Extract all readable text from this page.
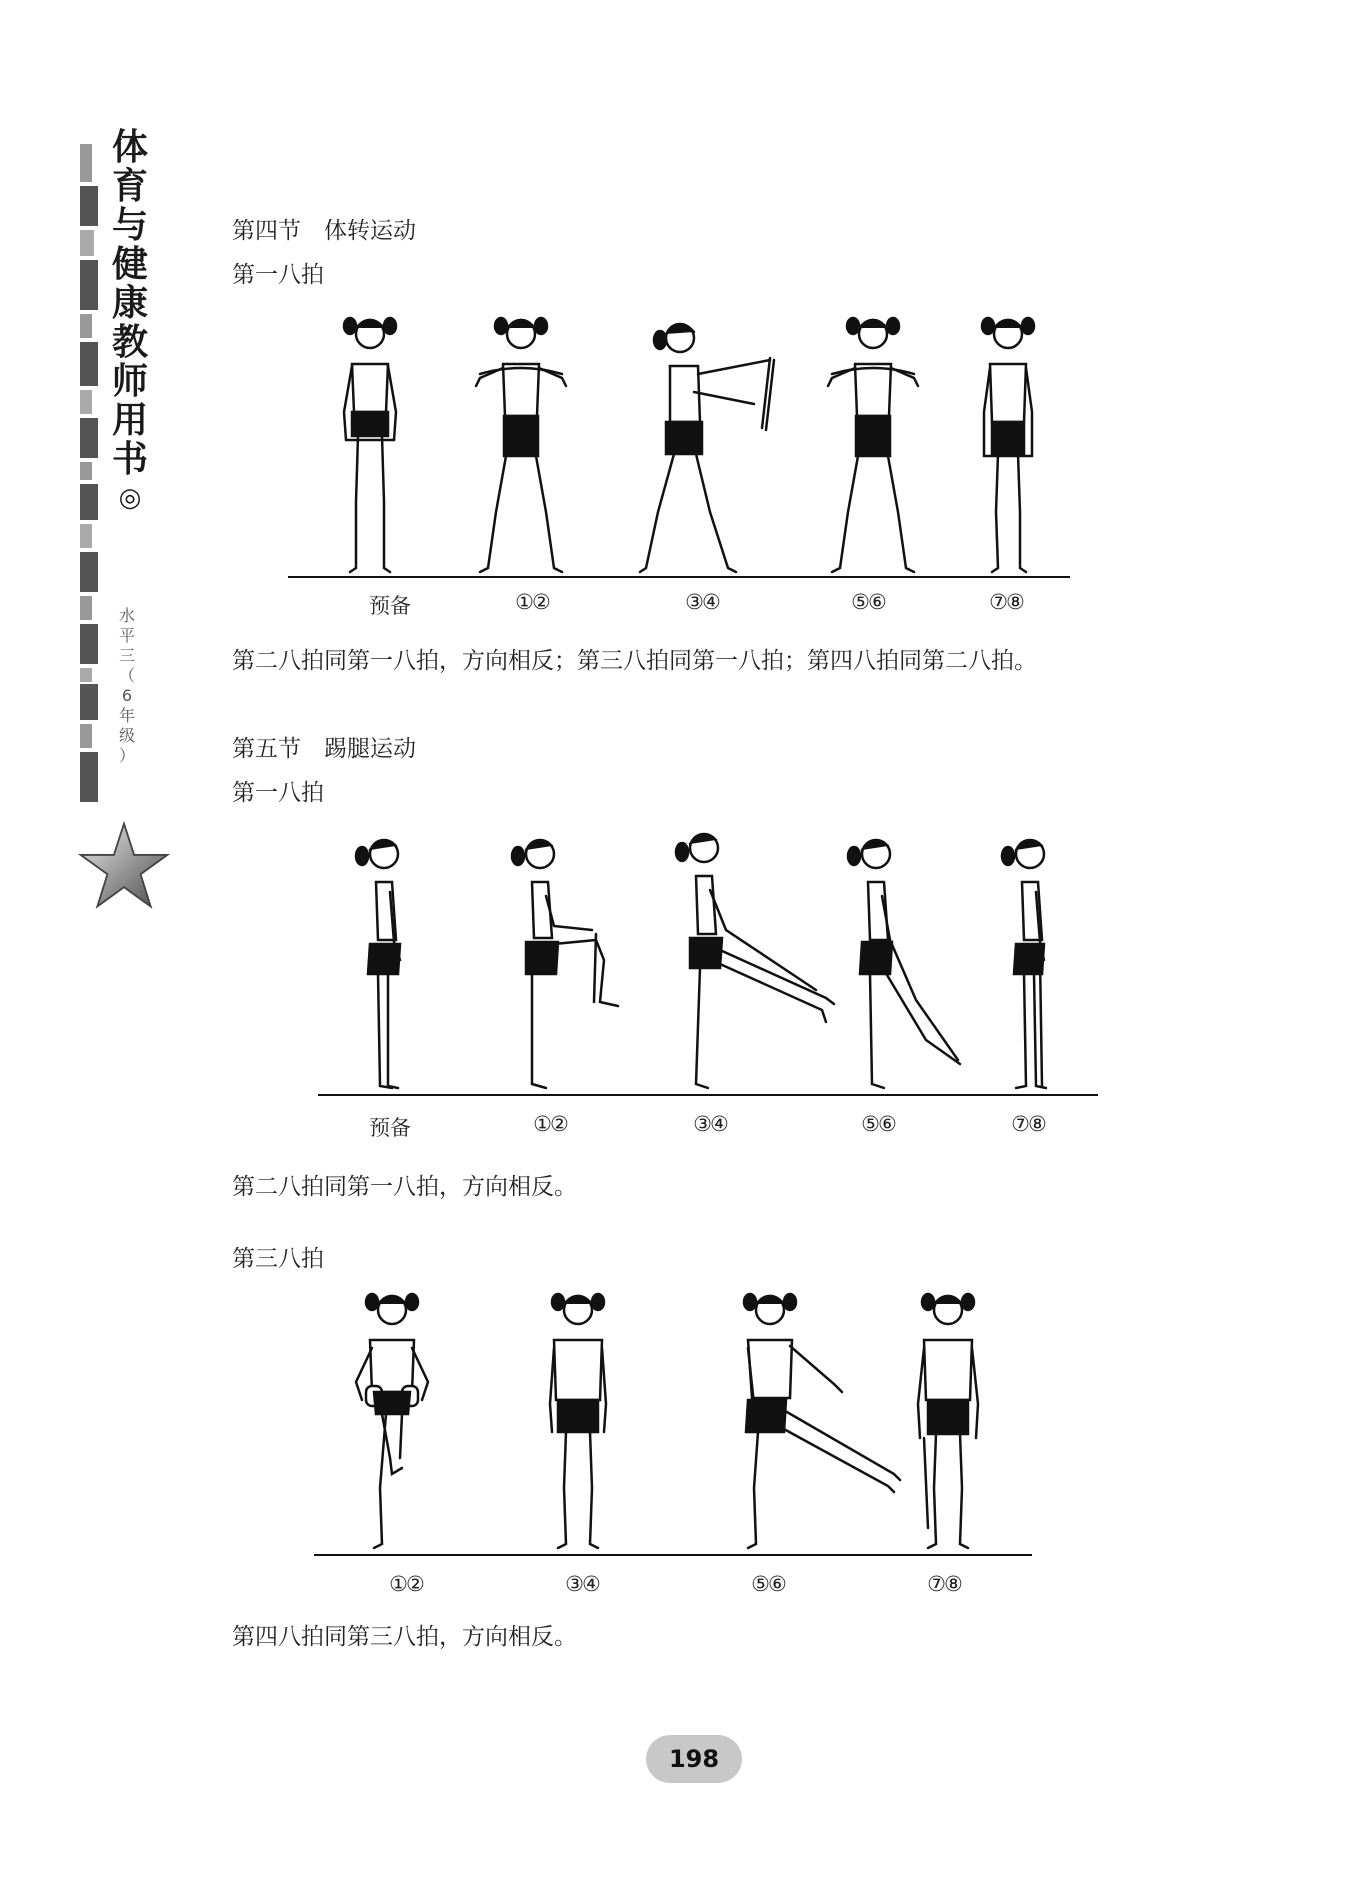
体
育
与
健
康
教
师
用
书
◎
水
平
三
（
6
年
级
）
第四节　体转运动
第一八拍
预备	①②	③④	⑤⑥	⑦⑧
第二八拍同第一八拍，方向相反；第三八拍同第一八拍；第四八拍同第二八拍。
第五节　踢腿运动
第一八拍
预备	①②	③④	⑤⑥	⑦⑧
第二八拍同第一八拍，方向相反。
第三八拍
①②	③④	⑤⑥	⑦⑧
第四八拍同第三八拍，方向相反。
198
